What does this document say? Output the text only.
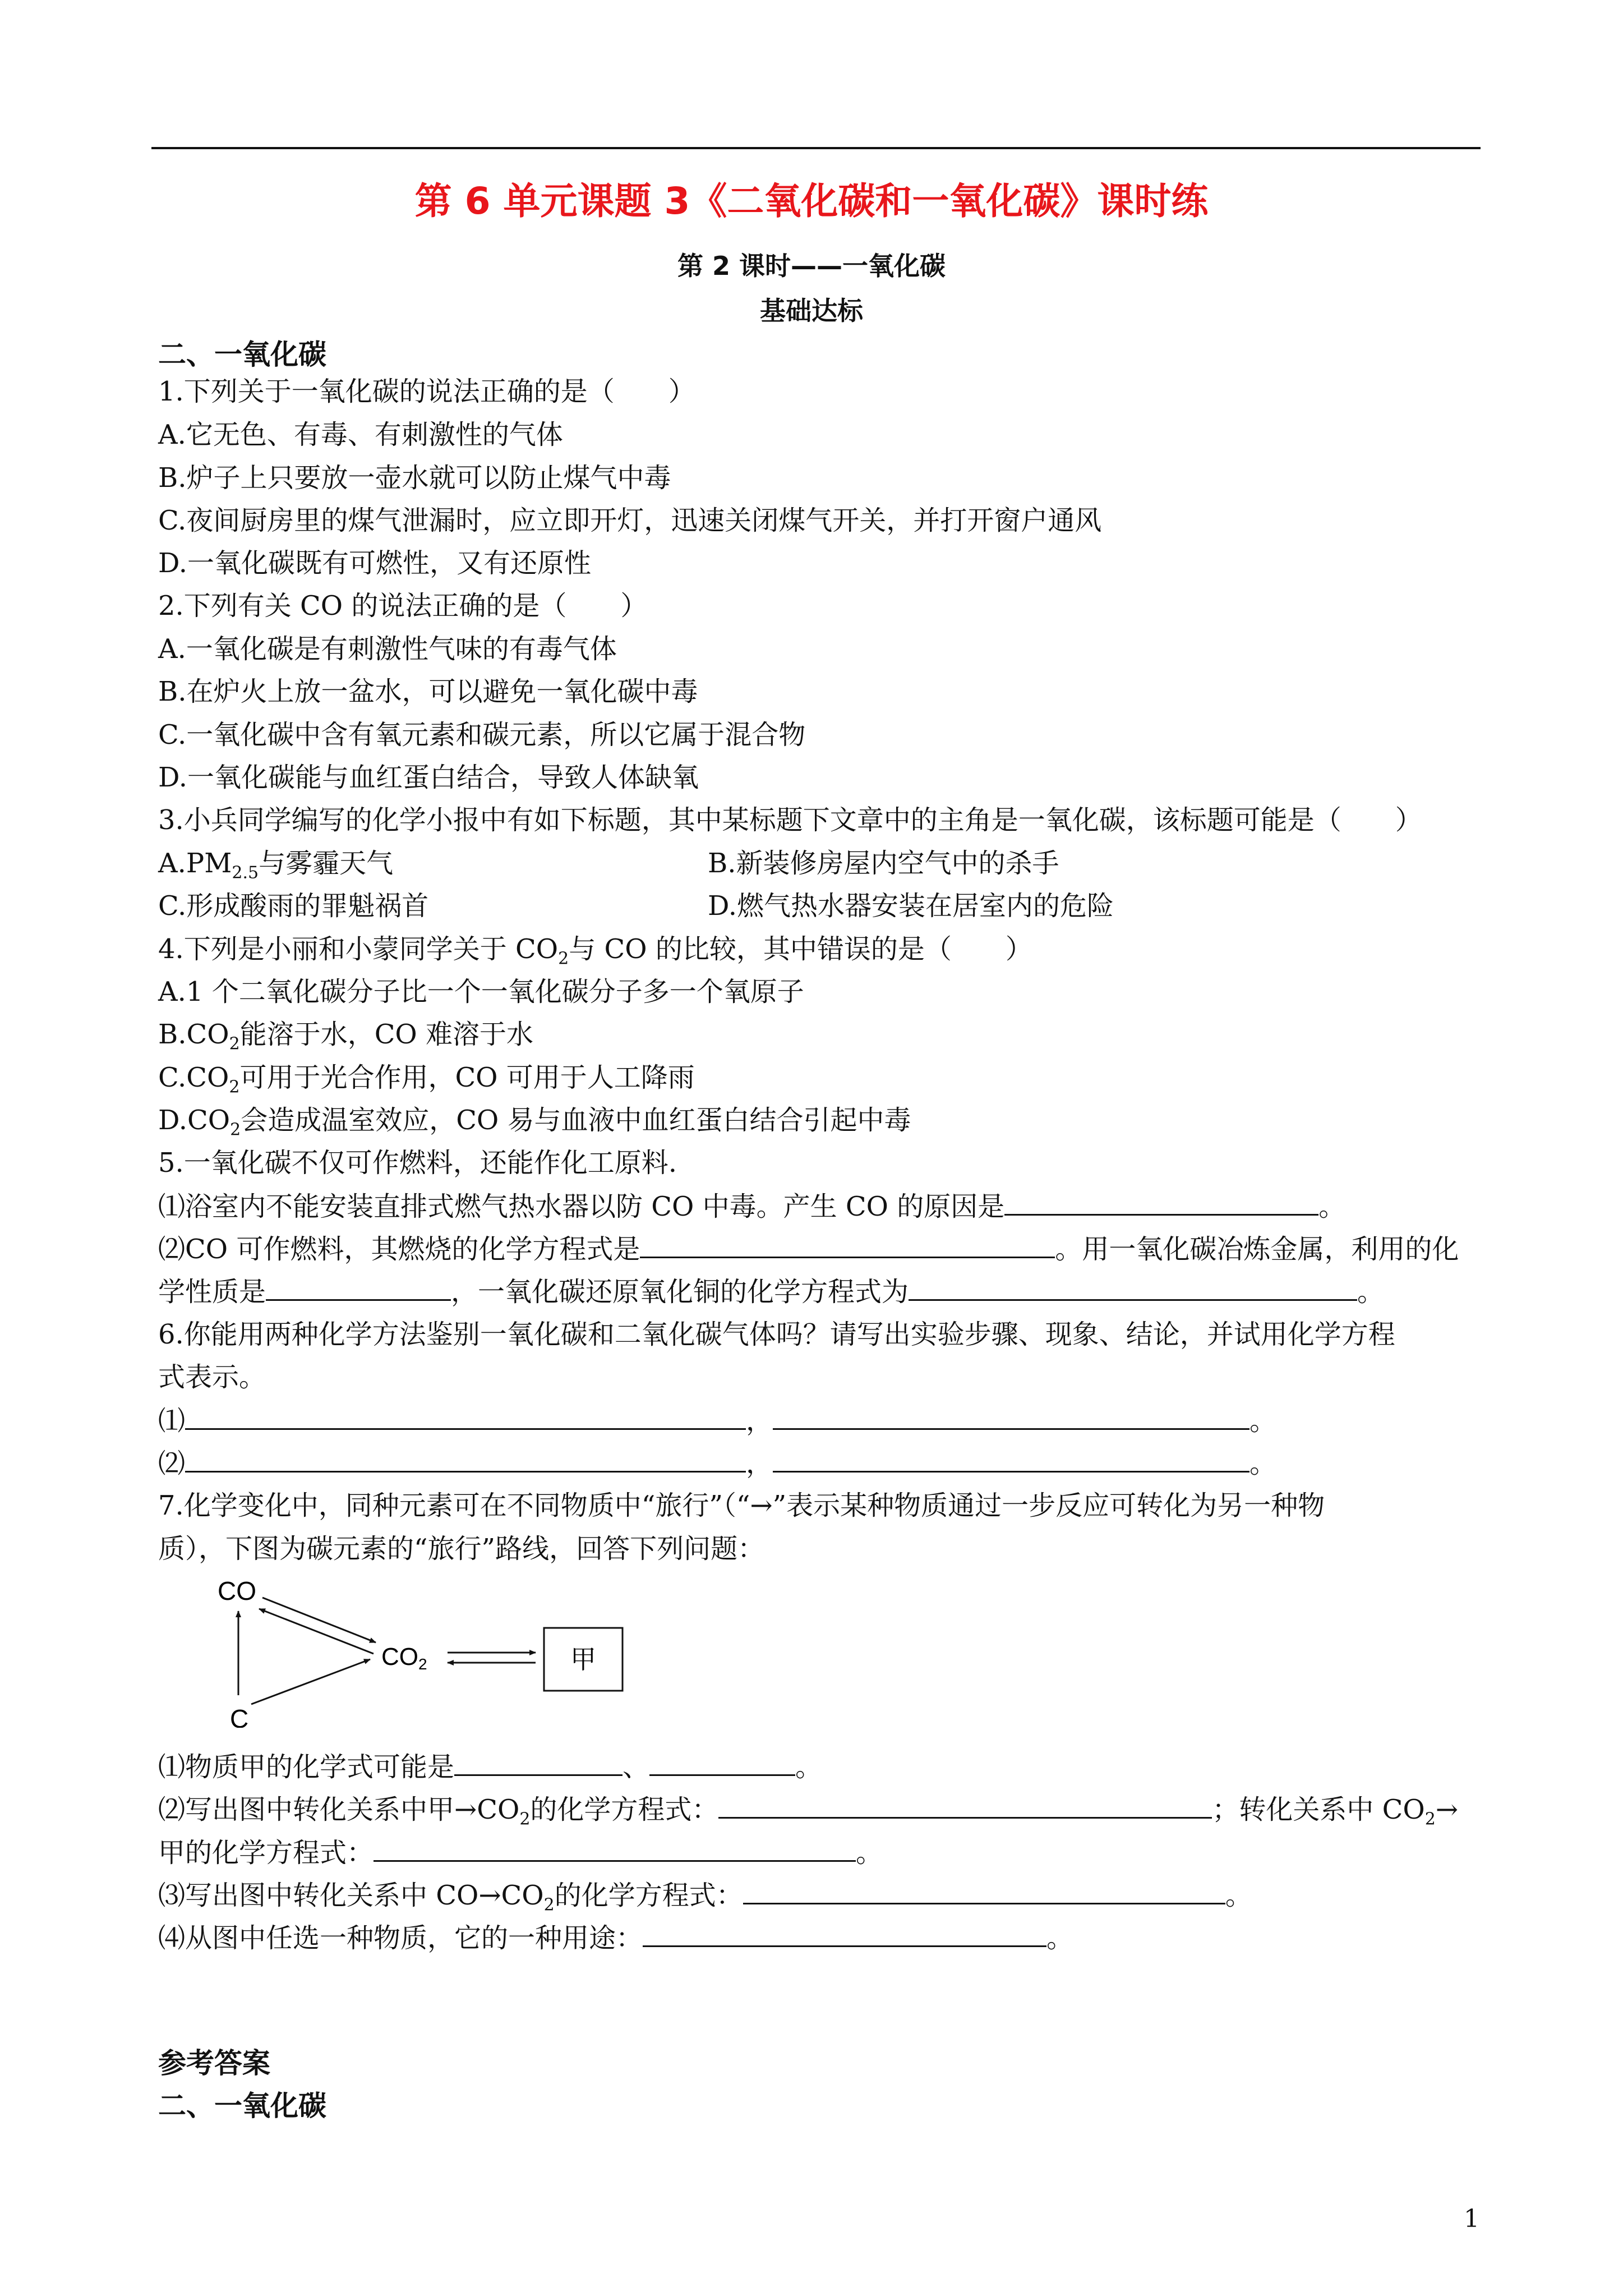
第 6 单元课题 3《二氧化碳和一氧化碳》课时练
第 2 课时——一氧化碳
基础达标
二、一氧化碳
1.下列关于一氧化碳的说法正确的是（　　）
A.它无色、有毒、有刺激性的气体
B.炉子上只要放一壶水就可以防止煤气中毒
C.夜间厨房里的煤气泄漏时，应立即开灯，迅速关闭煤气开关，并打开窗户通风
D.一氧化碳既有可燃性，又有还原性
2.下列有关 CO 的说法正确的是（　　）
A.一氧化碳是有刺激性气味的有毒气体
B.在炉火上放一盆水，可以避免一氧化碳中毒
C.一氧化碳中含有氧元素和碳元素，所以它属于混合物
D.一氧化碳能与血红蛋白结合，导致人体缺氧
3.小兵同学编写的化学小报中有如下标题，其中某标题下文章中的主角是一氧化碳，该标题可能是（　　）
$A.PM_{2.5}$与雾霾天气	B.新装修房屋内空气中的杀手
C.形成酸雨的罪魁祸首	D.燃气热水器安装在居室内的危险
4.下列是小丽和小蒙同学关于 $CO_2$与 CO 的比较，其中错误的是（　　）
A.1 个二氧化碳分子比一个一氧化碳分子多一个氧原子
$B.CO_2$能溶于水，CO 难溶于水
$C.CO_2$可用于光合作用，CO 可用于人工降雨
$D.CO_2$会造成温室效应，CO 易与血液中血红蛋白结合引起中毒
5.一氧化碳不仅可作燃料，还能作化工原料.
⑴浴室内不能安装直排式燃气热水器以防 CO 中毒。产生 CO 的原因是	。
⑵CO 可作燃料，其燃烧的化学方程式是	。用一氧化碳冶炼金属，利用的化
学性质是	，一氧化碳还原氧化铜的化学方程式为	。
6.你能用两种化学方法鉴别一氧化碳和二氧化碳气体吗？请写出实验步骤、现象、结论，并试用化学方程
式表示。
⑴	，	。
⑵	，	。
7.化学变化中，同种元素可在不同物质中“旅行”（“→”表示某种物质通过一步反应可转化为另一种物
质），下图为碳元素的“旅行”路线，回答下列问题：
CO
CO2
C
甲
⑴物质甲的化学式可能是	、	。
⑵写出图中转化关系中甲$\to CO_2$的化学方程式：	；转化关系中 $CO_2\to$
甲的化学方程式：	。
⑶写出图中转化关系中 $CO\to CO_2$的化学方程式：	。
⑷从图中任选一种物质，它的一种用途：	。
参考答案
二、一氧化碳
1
